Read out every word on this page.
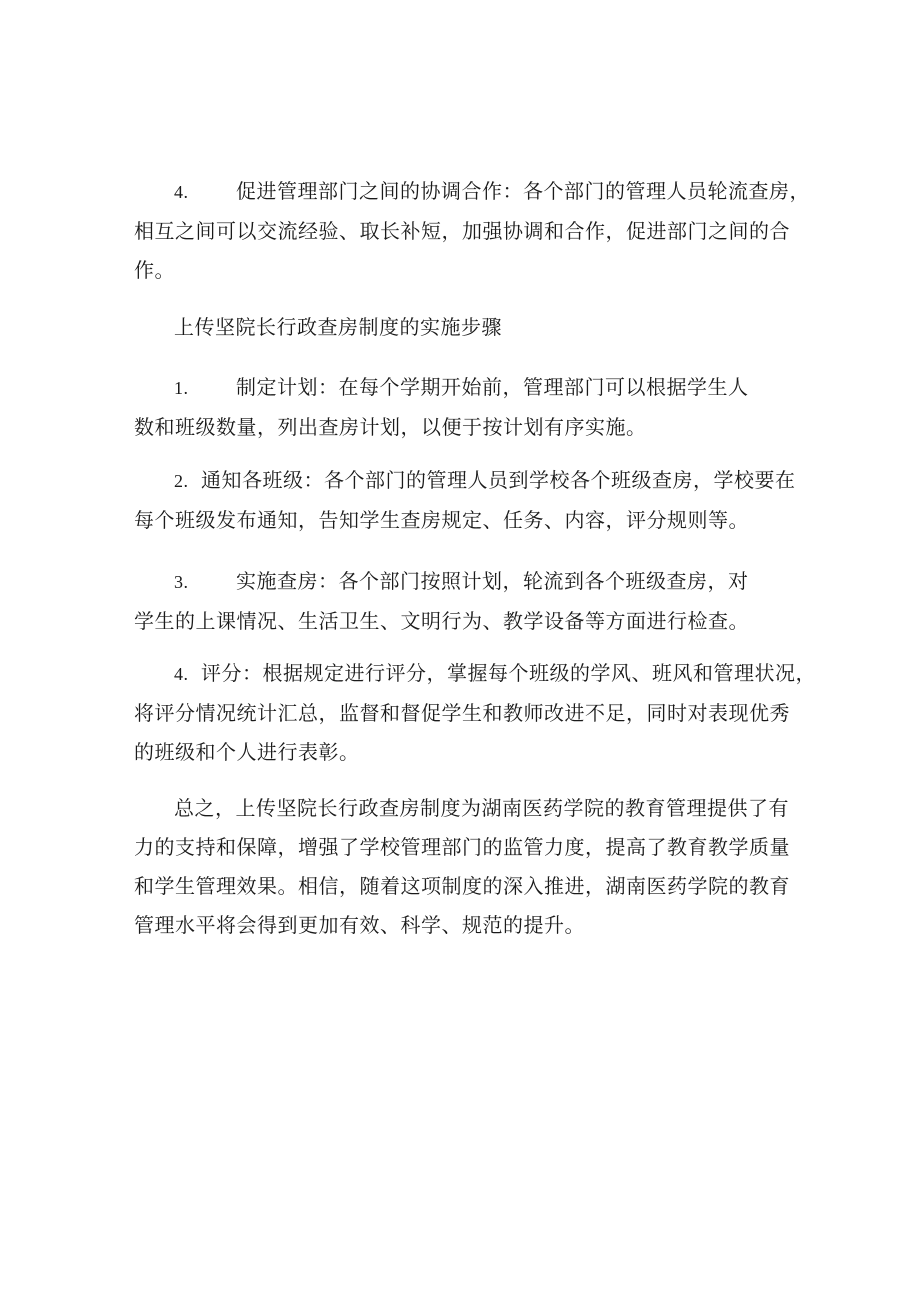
4. 促进管理部门之间的协调合作：各个部门的管理人员轮流查房，
相互之间可以交流经验、取长补短，加强协调和合作，促进部门之间的合
作。
上传坚院长行政查房制度的实施步骤
1. 制定计划：在每个学期开始前，管理部门可以根据学生人
数和班级数量，列出查房计划，以便于按计划有序实施。
2. 通知各班级：各个部门的管理人员到学校各个班级查房，学校要在
每个班级发布通知，告知学生查房规定、任务、内容，评分规则等。
3. 实施查房：各个部门按照计划，轮流到各个班级查房，对
学生的上课情况、生活卫生、文明行为、教学设备等方面进行检查。
4. 评分：根据规定进行评分，掌握每个班级的学风、班风和管理状况，
将评分情况统计汇总，监督和督促学生和教师改进不足，同时对表现优秀
的班级和个人进行表彰。
总之，上传坚院长行政查房制度为湖南医药学院的教育管理提供了有
力的支持和保障，增强了学校管理部门的监管力度，提高了教育教学质量
和学生管理效果。相信，随着这项制度的深入推进，湖南医药学院的教育
管理水平将会得到更加有效、科学、规范的提升。
